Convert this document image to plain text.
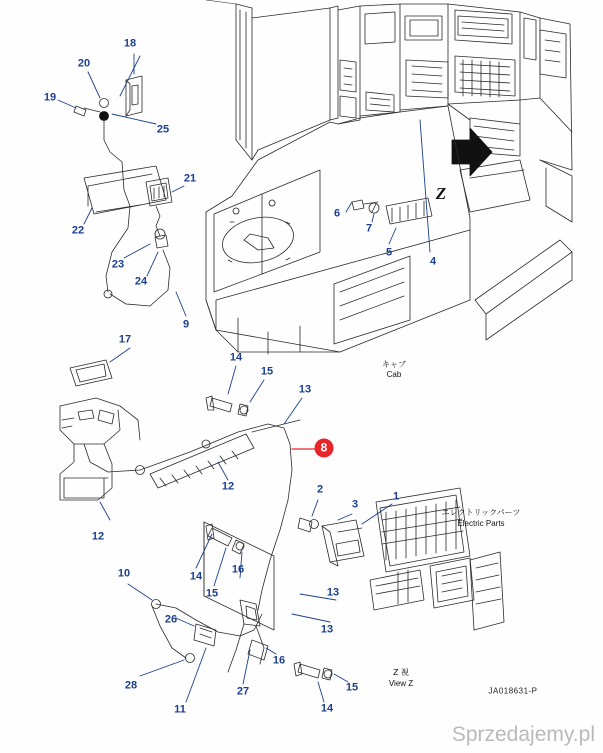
8
18
20
19
25
21
22
23
24
9
6
7
5
4
17
14
15
13
12
12
2
3
1
10	14
15
16
13
26
13
16
28
11
27	15
14
Z
キャブ
Cab
エレクトリックパーツ
Electric Parts
Z 視
View Z
JA018631-P
Sprzedajemy.pl
